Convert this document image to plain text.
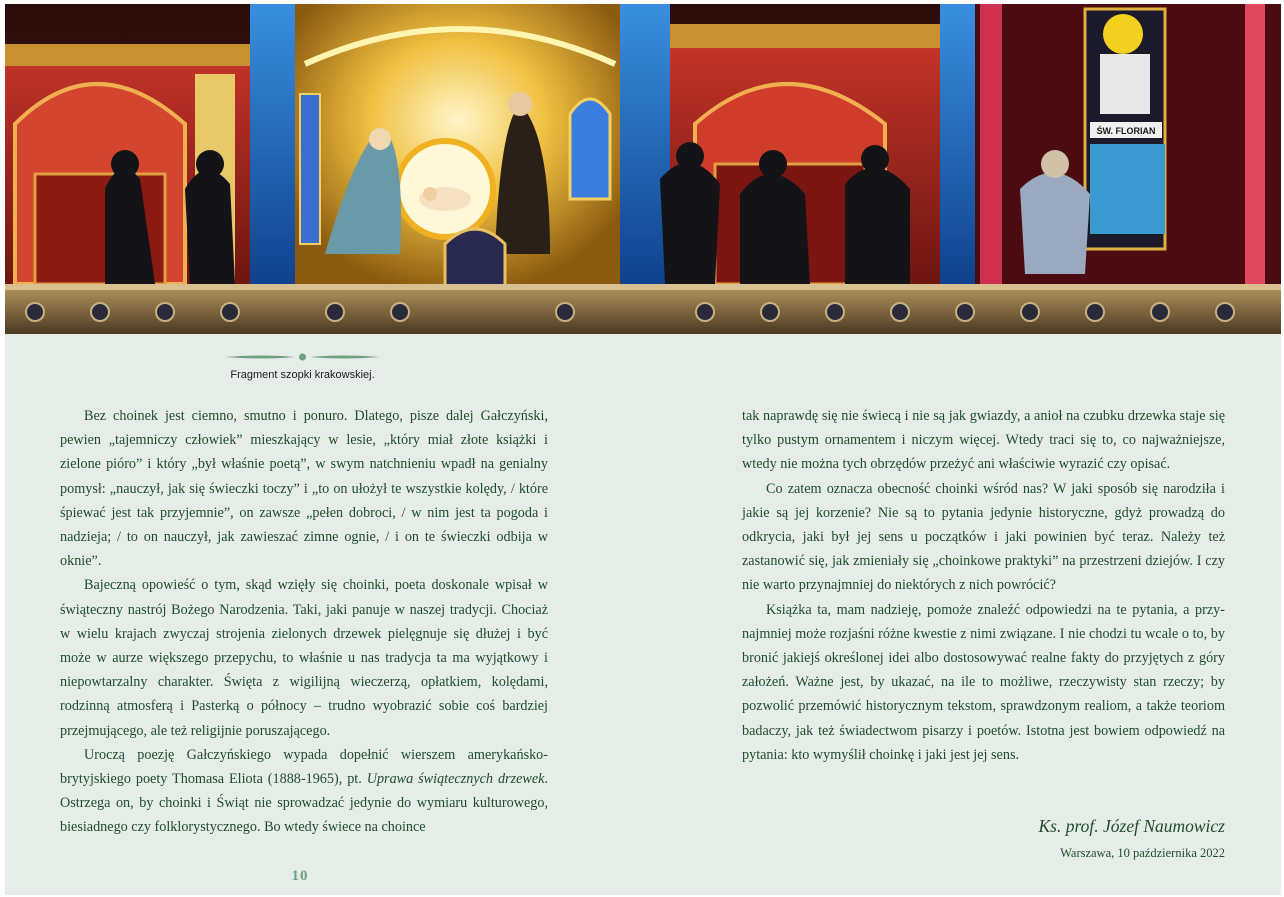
ŚW. FLORIAN
Fragment szopki krakowskiej.

Bez choinek jest ciemno, smutno i ponuro. Dlatego, pisze dalej Gałczyński, pewien „tajemniczy człowiek” mieszkający w lesie, „który miał złote książki i zielone pióro” i który „był właśnie poetą”, w swym natchnieniu wpadł na genialny pomysł: „nauczył, jak się świeczki toczy” i „to on ułożył te wszystkie kolędy, / które śpiewać jest tak przyjemnie”, on zawsze „pełen dobroci, / w nim jest ta pogoda i nadzieja; / to on nauczył, jak zawieszać zimne ognie, / i on te świeczki odbija w oknie”.

Bajeczną opowieść o tym, skąd wzięły się choinki, poeta doskonale wpisał w świąteczny nastrój Bożego Narodzenia. Taki, jaki panuje w naszej tradycji. Chociaż w wielu krajach zwyczaj strojenia zielonych drzewek pielęgnuje się dłużej i być może w aurze większego przepychu, to właśnie u nas tradycja ta ma wyjątkowy i niepowtarzalny charakter. Święta z wigilijną wieczerzą, opłatkiem, kolędami, rodzinną atmosferą i Pasterką o północy – trudno wyobrazić sobie coś bardziej przejmującego, ale też religijnie poruszającego.

Uroczą poezję Gałczyńskiego wypada dopełnić wierszem amerykańsko-brytyjskiego poety Thomasa Eliota (1888-1965), pt. Uprawa świątecznych drzewek. Ostrzega on, by choinki i Świąt nie sprowadzać jedynie do wymiaru kulturowego, biesiadnego czy folklorystycznego. Bo wtedy świece na choince

10

tak naprawdę się nie świecą i nie są jak gwiazdy, a anioł na czubku drzewka staje się tylko pustym ornamentem i niczym więcej. Wtedy traci się to, co najważniejsze, wtedy nie można tych obrzędów przeżyć ani właściwie wyrazić czy opisać.

Co zatem oznacza obecność choinki wśród nas? W jaki sposób się narodziła i jakie są jej korzenie? Nie są to pytania jedynie historyczne, gdyż prowadzą do odkrycia, jaki był jej sens u początków i jaki powinien być teraz. Należy też zastanowić się, jak zmieniały się „choinkowe praktyki” na przestrzeni dziejów. I czy nie warto przynajmniej do niektórych z nich powrócić?

Książka ta, mam nadzieję, pomoże znaleźć odpowiedzi na te pytania, a przynajmniej może rozjaśni różne kwestie z nimi związane. I nie chodzi tu wcale o to, by bronić jakiejś określonej idei albo dostosowywać realne fakty do przyjętych z góry założeń. Ważne jest, by ukazać, na ile to możliwe, rzeczywisty stan rzeczy; by pozwolić przemówić historycznym tekstom, sprawdzonym realiom, a także teoriom badaczy, jak też świadectwom pisarzy i poetów. Istotna jest bowiem odpowiedź na pytania: kto wymyślił choinkę i jaki jest jej sens.

Ks. prof. Józef Naumowicz
Warszawa, 10 października 2022
